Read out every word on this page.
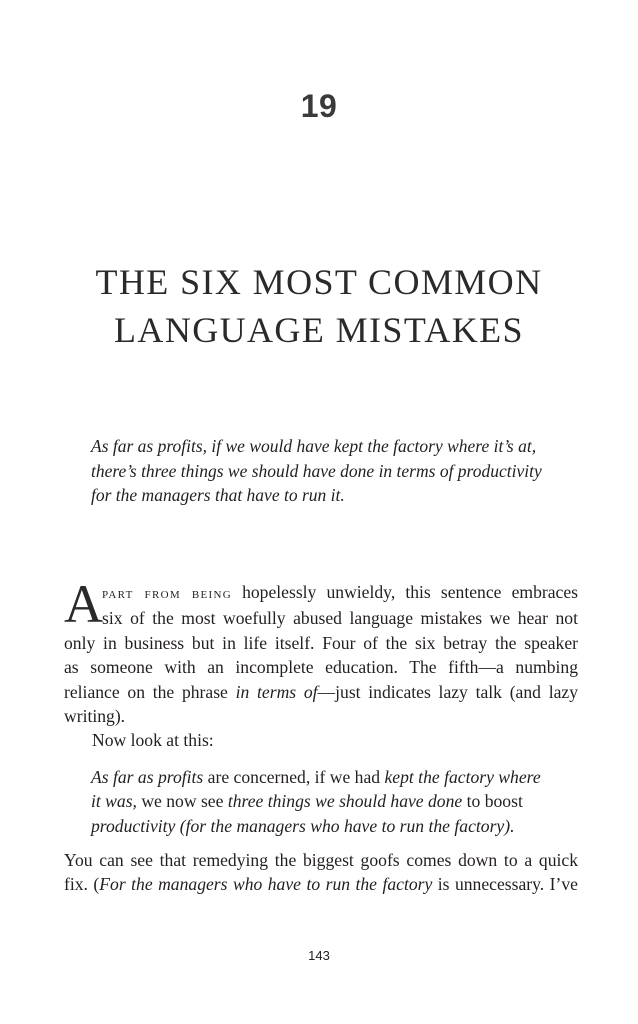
19
THE SIX MOST COMMON
LANGUAGE MISTAKES
As far as profits, if we would have kept the factory where it’s at,
there’s three things we should have done in terms of productivity
for the managers that have to run it.
A part from being hopelessly unwieldy, this sentence embraces
six of the most woefully abused language mistakes we hear not
only in business but in life itself. Four of the six betray the speaker
as someone with an incomplete education. The fifth—a numbing
reliance on the phrase in terms of—just indicates lazy talk (and lazy
writing).
Now look at this:
As far as profits are concerned, if we had kept the factory where
it was, we now see three things we should have done to boost
productivity (for the managers who have to run the factory).
You can see that remedying the biggest goofs comes down to a quick
fix. (For the managers who have to run the factory is unnecessary. I’ve
143
